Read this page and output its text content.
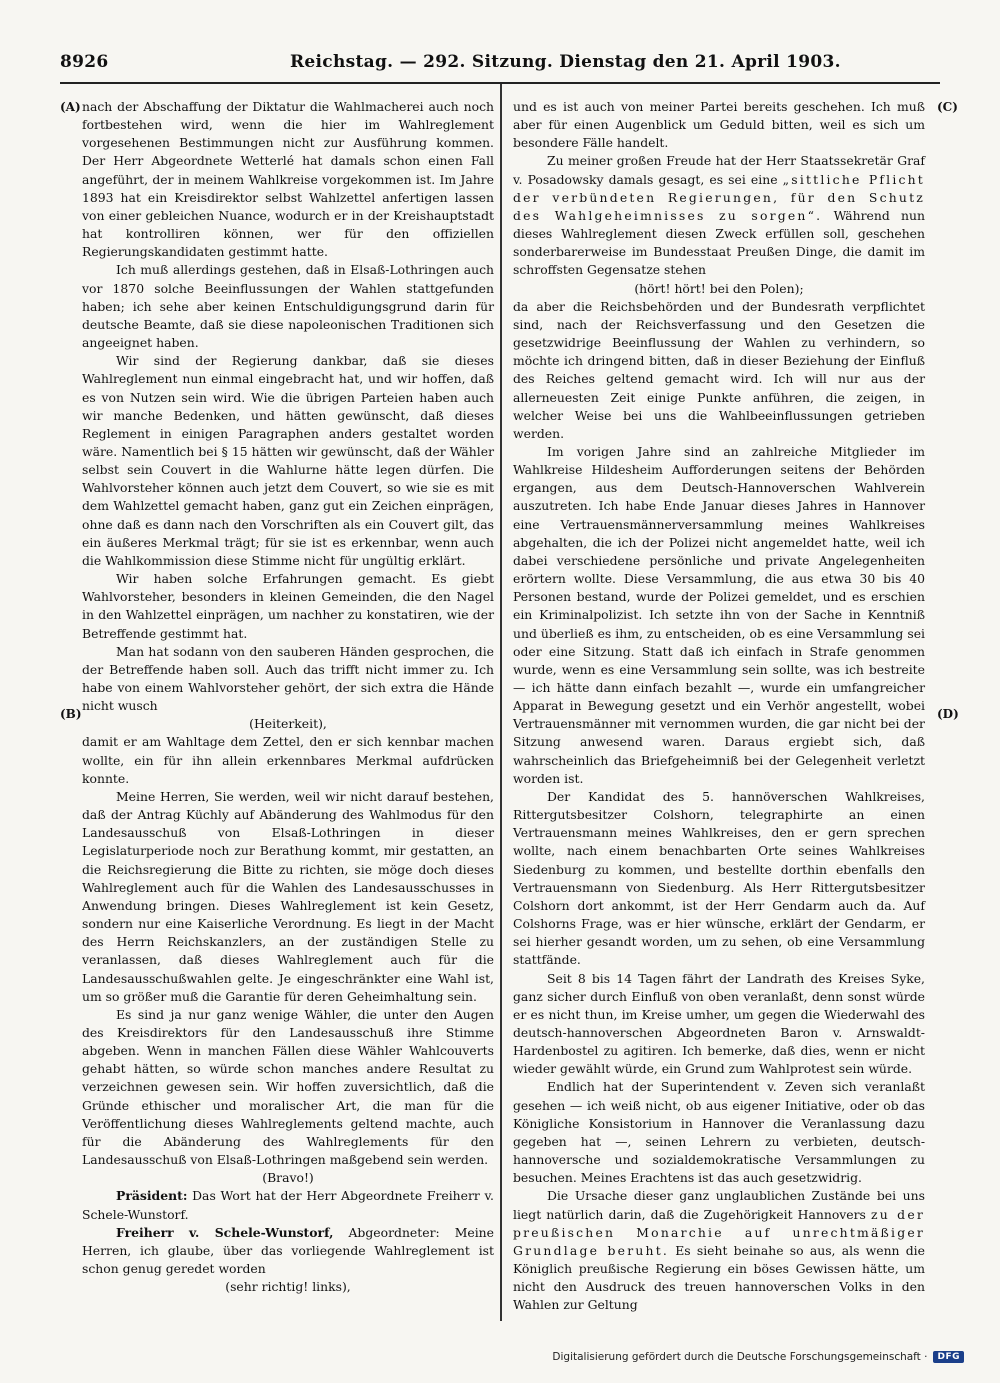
8926	Reichstag. — 292. Sitzung. Dienstag den 21. April 1903.
(A)
(B)
(C)
(D)

nach der Abschaffung der Diktatur die Wahlmacherei auch noch fortbestehen wird, wenn die hier im Wahlreglement vorgesehenen Bestimmungen nicht zur Ausführung kommen. Der Herr Abgeordnete Wetterlé hat damals schon einen Fall angeführt, der in meinem Wahlkreise vorgekommen ist. Im Jahre 1893 hat ein Kreisdirektor selbst Wahlzettel anfertigen lassen von einer gebleichen Nuance, wodurch er in der Kreishauptstadt hat kontrolliren können, wer für den offiziellen Regierungskandidaten gestimmt hatte.

Ich muß allerdings gestehen, daß in Elsaß-Lothringen auch vor 1870 solche Beeinflussungen der Wahlen stattgefunden haben; ich sehe aber keinen Entschuldigungsgrund darin für deutsche Beamte, daß sie diese napoleonischen Traditionen sich angeeignet haben.

Wir sind der Regierung dankbar, daß sie dieses Wahlreglement nun einmal eingebracht hat, und wir hoffen, daß es von Nutzen sein wird. Wie die übrigen Parteien haben auch wir manche Bedenken, und hätten gewünscht, daß dieses Reglement in einigen Paragraphen anders gestaltet worden wäre. Namentlich bei § 15 hätten wir gewünscht, daß der Wähler selbst sein Couvert in die Wahlurne hätte legen dürfen. Die Wahlvorsteher können auch jetzt dem Couvert, so wie sie es mit dem Wahlzettel gemacht haben, ganz gut ein Zeichen einprägen, ohne daß es dann nach den Vorschriften als ein Couvert gilt, das ein äußeres Merkmal trägt; für sie ist es erkennbar, wenn auch die Wahlkommission diese Stimme nicht für ungültig erklärt.

Wir haben solche Erfahrungen gemacht. Es giebt Wahlvorsteher, besonders in kleinen Gemeinden, die den Nagel in den Wahlzettel einprägen, um nachher zu konstatiren, wie der Betreffende gestimmt hat.

Man hat sodann von den sauberen Händen gesprochen, die der Betreffende haben soll. Auch das trifft nicht immer zu. Ich habe von einem Wahlvorsteher gehört, der sich extra die Hände nicht wusch

(Heiterkeit),

damit er am Wahltage dem Zettel, den er sich kennbar machen wollte, ein für ihn allein erkennbares Merkmal aufdrücken konnte.

Meine Herren, Sie werden, weil wir nicht darauf bestehen, daß der Antrag Küchly auf Abänderung des Wahlmodus für den Landesausschuß von Elsaß-Lothringen in dieser Legislaturperiode noch zur Berathung kommt, mir gestatten, an die Reichsregierung die Bitte zu richten, sie möge doch dieses Wahlreglement auch für die Wahlen des Landesausschusses in Anwendung bringen. Dieses Wahlreglement ist kein Gesetz, sondern nur eine Kaiserliche Verordnung. Es liegt in der Macht des Herrn Reichskanzlers, an der zuständigen Stelle zu veranlassen, daß dieses Wahlreglement auch für die Landesausschußwahlen gelte. Je eingeschränkter eine Wahl ist, um so größer muß die Garantie für deren Geheimhaltung sein.

Es sind ja nur ganz wenige Wähler, die unter den Augen des Kreisdirektors für den Landesausschuß ihre Stimme abgeben. Wenn in manchen Fällen diese Wähler Wahlcouverts gehabt hätten, so würde schon manches andere Resultat zu verzeichnen gewesen sein. Wir hoffen zuversichtlich, daß die Gründe ethischer und moralischer Art, die man für die Veröffentlichung dieses Wahlreglements geltend machte, auch für die Abänderung des Wahlreglements für den Landesausschuß von Elsaß-Lothringen maßgebend sein werden.

(Bravo!)

Präsident: Das Wort hat der Herr Abgeordnete Freiherr v. Schele-Wunstorf.

Freiherr v. Schele-Wunstorf, Abgeordneter: Meine Herren, ich glaube, über das vorliegende Wahlreglement ist schon genug geredet worden

(sehr richtig! links),

und es ist auch von meiner Partei bereits geschehen. Ich muß aber für einen Augenblick um Geduld bitten, weil es sich um besondere Fälle handelt.

Zu meiner großen Freude hat der Herr Staatssekretär Graf v. Posadowsky damals gesagt, es sei eine „sittliche Pflicht der verbündeten Regierungen, für den Schutz des Wahlgeheimnisses zu sorgen“. Während nun dieses Wahlreglement diesen Zweck erfüllen soll, geschehen sonderbarerweise im Bundesstaat Preußen Dinge, die damit im schroffsten Gegensatze stehen

(hört! hört! bei den Polen);

da aber die Reichsbehörden und der Bundesrath verpflichtet sind, nach der Reichsverfassung und den Gesetzen die gesetzwidrige Beeinflussung der Wahlen zu verhindern, so möchte ich dringend bitten, daß in dieser Beziehung der Einfluß des Reiches geltend gemacht wird. Ich will nur aus der allerneuesten Zeit einige Punkte anführen, die zeigen, in welcher Weise bei uns die Wahlbeeinflussungen getrieben werden.

Im vorigen Jahre sind an zahlreiche Mitglieder im Wahlkreise Hildesheim Aufforderungen seitens der Behörden ergangen, aus dem Deutsch-Hannoverschen Wahlverein auszutreten. Ich habe Ende Januar dieses Jahres in Hannover eine Vertrauensmännerversammlung meines Wahlkreises abgehalten, die ich der Polizei nicht angemeldet hatte, weil ich dabei verschiedene persönliche und private Angelegenheiten erörtern wollte. Diese Versammlung, die aus etwa 30 bis 40 Personen bestand, wurde der Polizei gemeldet, und es erschien ein Kriminalpolizist. Ich setzte ihn von der Sache in Kenntniß und überließ es ihm, zu entscheiden, ob es eine Versammlung sei oder eine Sitzung. Statt daß ich einfach in Strafe genommen wurde, wenn es eine Versammlung sein sollte, was ich bestreite — ich hätte dann einfach bezahlt —, wurde ein umfangreicher Apparat in Bewegung gesetzt und ein Verhör angestellt, wobei Vertrauensmänner mit vernommen wurden, die gar nicht bei der Sitzung anwesend waren. Daraus ergiebt sich, daß wahrscheinlich das Briefgeheimniß bei der Gelegenheit verletzt worden ist.

Der Kandidat des 5. hannöverschen Wahlkreises, Rittergutsbesitzer Colshorn, telegraphirte an einen Vertrauensmann meines Wahlkreises, den er gern sprechen wollte, nach einem benachbarten Orte seines Wahlkreises Siedenburg zu kommen, und bestellte dorthin ebenfalls den Vertrauensmann von Siedenburg. Als Herr Rittergutsbesitzer Colshorn dort ankommt, ist der Herr Gendarm auch da. Auf Colshorns Frage, was er hier wünsche, erklärt der Gendarm, er sei hierher gesandt worden, um zu sehen, ob eine Versammlung stattfände.

Seit 8 bis 14 Tagen fährt der Landrath des Kreises Syke, ganz sicher durch Einfluß von oben veranlaßt, denn sonst würde er es nicht thun, im Kreise umher, um gegen die Wiederwahl des deutsch-hannoverschen Abgeordneten Baron v. Arnswaldt-Hardenbostel zu agitiren. Ich bemerke, daß dies, wenn er nicht wieder gewählt würde, ein Grund zum Wahlprotest sein würde.

Endlich hat der Superintendent v. Zeven sich veranlaßt gesehen — ich weiß nicht, ob aus eigener Initiative, oder ob das Königliche Konsistorium in Hannover die Veranlassung dazu gegeben hat —, seinen Lehrern zu verbieten, deutsch-hannoversche und sozialdemokratische Versammlungen zu besuchen. Meines Erachtens ist das auch gesetzwidrig.

Die Ursache dieser ganz unglaublichen Zustände bei uns liegt natürlich darin, daß die Zugehörigkeit Hannovers zu der preußischen Monarchie auf unrechtmäßiger Grundlage beruht. Es sieht beinahe so aus, als wenn die Königlich preußische Regierung ein böses Gewissen hätte, um nicht den Ausdruck des treuen hannoverschen Volks in den Wahlen zur Geltung

Digitalisierung gefördert durch die Deutsche Forschungsgemeinschaft ·	DFG
